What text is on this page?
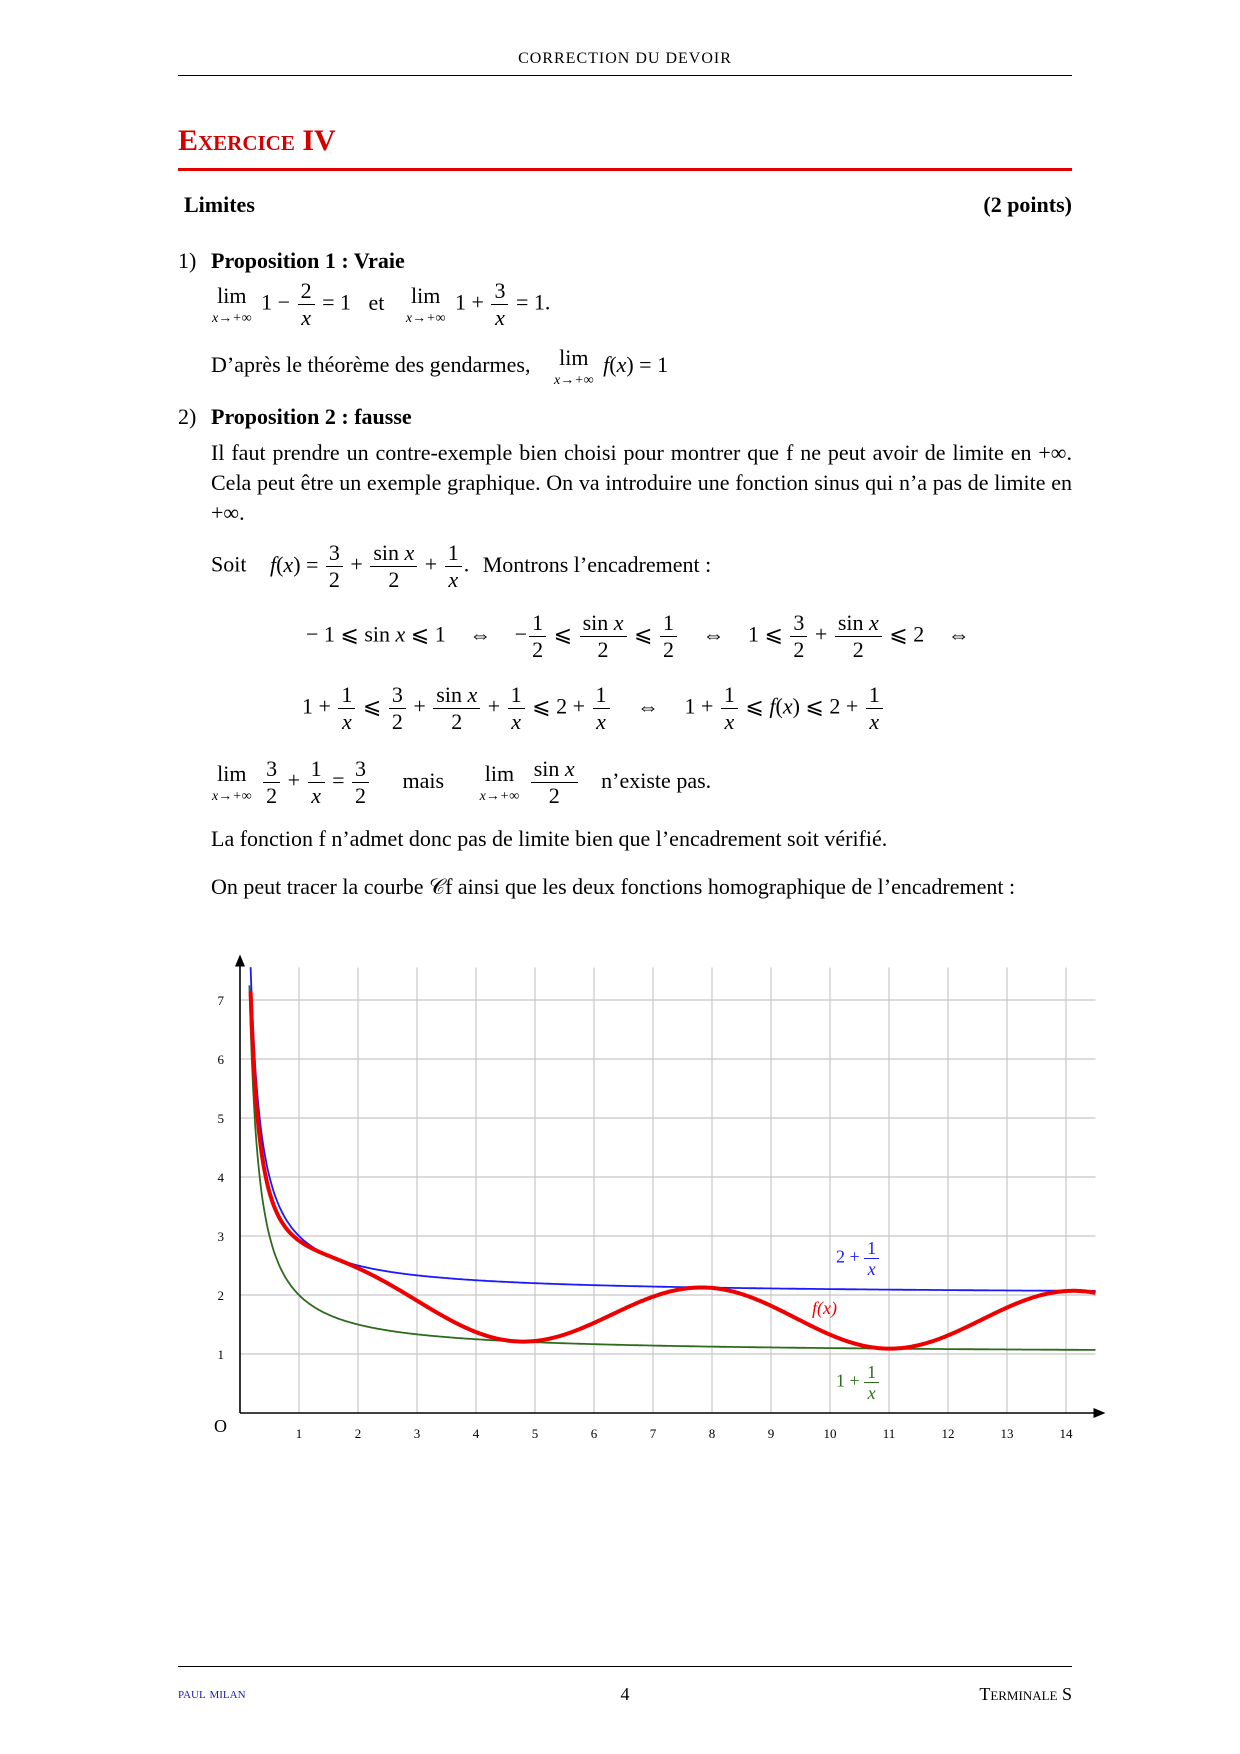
CORRECTION DU DEVOIR
Exercice IV
Limites	(2 points)
1) Proposition 1 : Vraie
lim
x→+∞
$1 - \frac{2}{x} = 1$ et lim
x→+∞
$1 + \frac{3}{x} = 1$.
D’après le théorème des gendarmes, lim
x→+∞
f(x) = 1
2) Proposition 2 : fausse
Il faut prendre un contre-exemple bien choisi pour montrer que f ne peut avoir de limite en +∞. Cela peut être un exemple graphique. On va introduire une fonction sinus qui n’a pas de limite en +∞.
Soit $f(x) = \frac{3}{2} + \frac{\text{sin x}}{2} + \frac{1}{x}$ . Montrons l’encadrement :
− 1 ⩽ sin x ⩽ 1 ⇔ − $\frac{1}{2}$ ⩽ $\frac{\text{sin x}}{2}$ ⩽ $\frac{1}{2}$ ⇔ 1 ⩽ $\frac{3}{2} + \frac{\text{sin x}}{2}$ ⩽ 2 ⇔
$1 + \frac{1}{x}$ ⩽ $\frac{3}{2} + \frac{\text{sin x}}{2} + \frac{1}{x}$ ⩽ $2 + \frac{1}{x}$ ⇔ $1 + \frac{1}{x}$ ⩽ f(x) ⩽ $2 + \frac{1}{x}$
lim
x→+∞
$\frac{3}{2} + \frac{1}{x} = \frac{3}{2}$ mais lim
x→+∞
$\frac{\text{sin x}}{2}$ n’existe pas.
La fonction f n’admet donc pas de limite bien que l’encadrement soit vérifié.
On peut tracer la courbe 𝒞f ainsi que les deux fonctions homographique de l’encadrement :
1	2	3	4	5	6	7	8	9	10	11	12	13	14
1
2
3
4
5
6
7
$2 + \frac{1}{x}$
f(x)
$1 + \frac{1}{x}$
O
paul milan	4	Terminale S
